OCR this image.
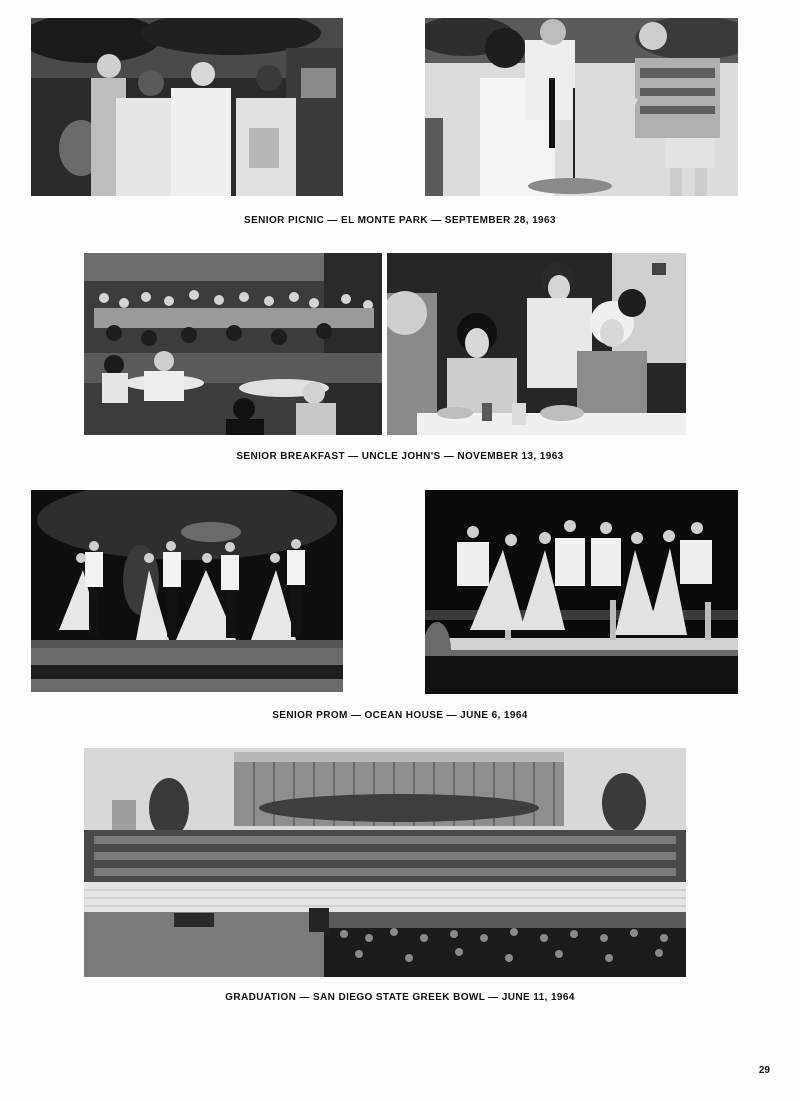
SENIOR PICNIC — EL MONTE PARK — SEPTEMBER 28, 1963
SENIOR BREAKFAST — UNCLE JOHN'S — NOVEMBER 13, 1963
SENIOR PROM — OCEAN HOUSE — JUNE 6, 1964
GRADUATION — SAN DIEGO STATE GREEK BOWL — JUNE 11, 1964
29
